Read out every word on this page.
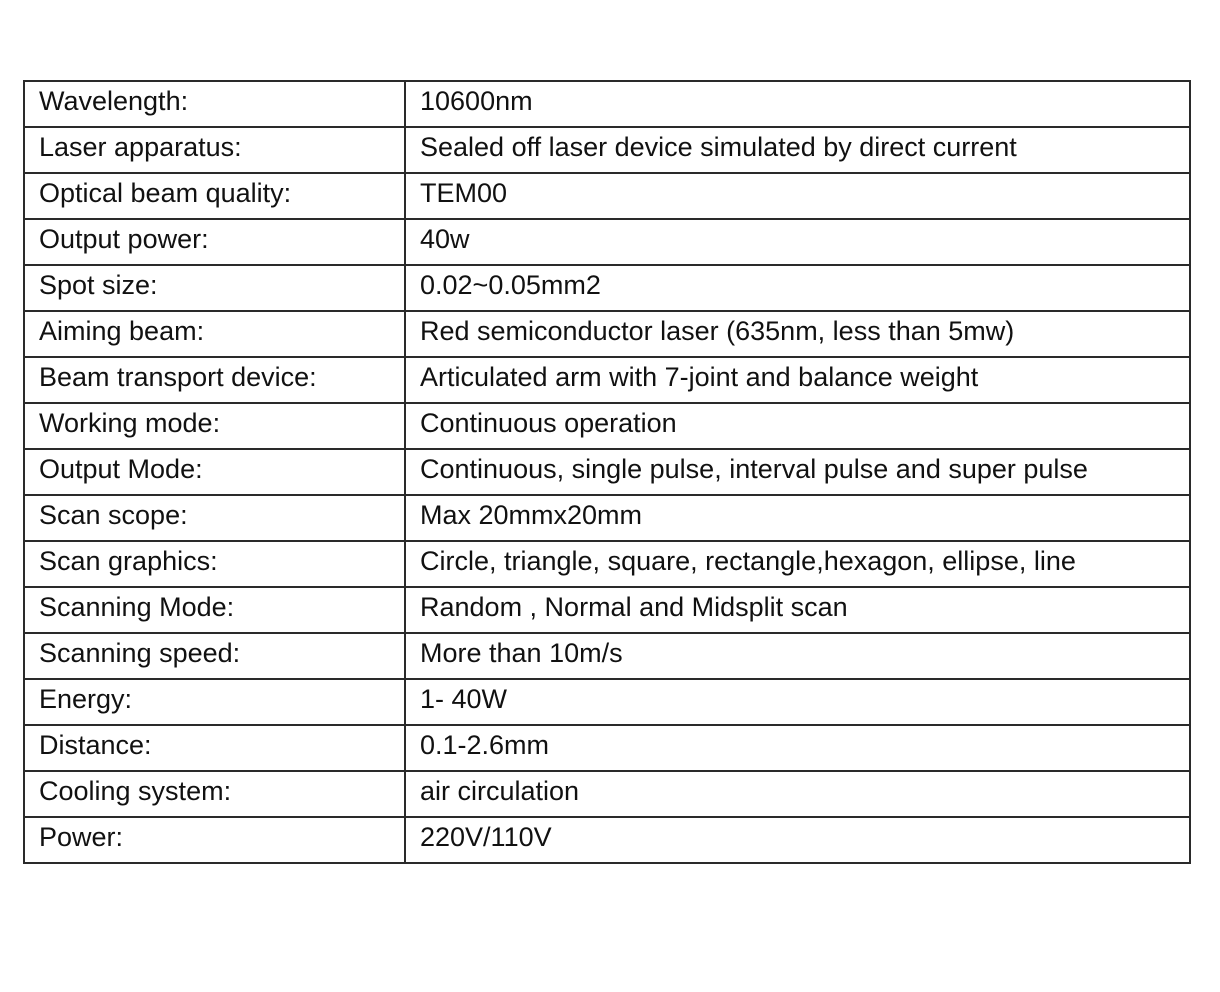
Wavelength:	10600nm
Laser apparatus:	Sealed off laser device simulated by direct current
Optical beam quality:	TEM00
Output power:	40w
Spot size:	0.02~0.05mm2
Aiming beam:	Red semiconductor laser (635nm, less than 5mw)
Beam transport device:	Articulated arm with 7-joint and balance weight
Working mode:	Continuous operation
Output Mode:	Continuous, single pulse, interval pulse and super pulse
Scan scope:	Max 20mmx20mm
Scan graphics:	Circle, triangle, square, rectangle,hexagon, ellipse, line
Scanning Mode:	Random , Normal and Midsplit scan
Scanning speed:	More than 10m/s
Energy:	1- 40W
Distance:	0.1-2.6mm
Cooling system:	air circulation
Power:	220V/110V
